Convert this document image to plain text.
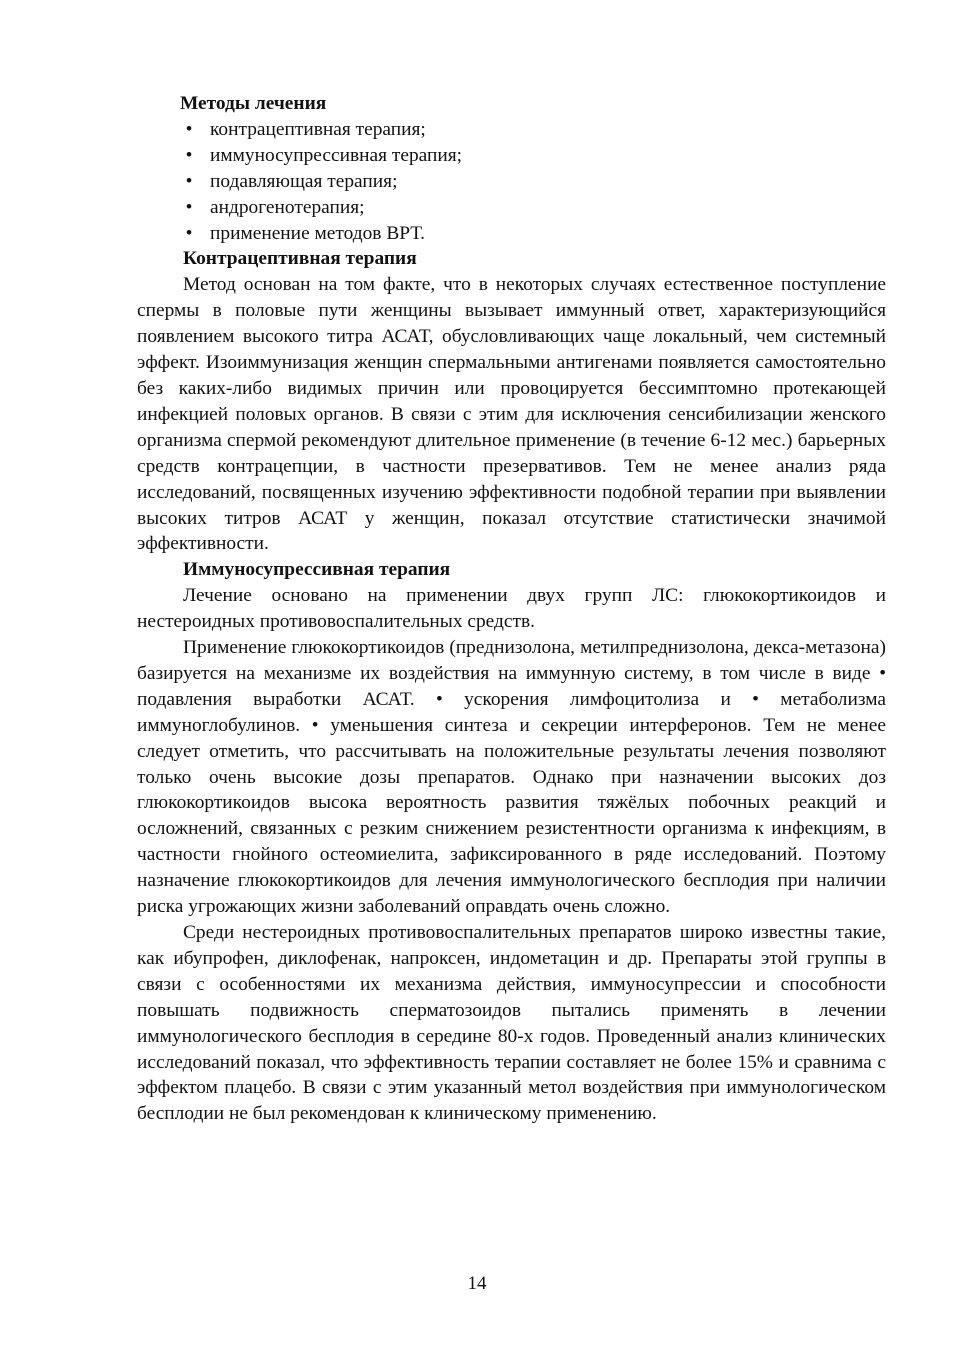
Методы лечения
• контрацептивная терапия;
• иммуносупрессивная терапия;
• подавляющая терапия;
• андрогенотерапия;
• применение методов ВРТ.
Контрацептивная терапия

Метод основан на том факте, что в некоторых случаях естественное поступление спермы в половые пути женщины вызывает иммунный ответ, характеризующийся появлением высокого титра АСАТ, обусловливающих чаще локальный, чем системный эффект. Изоиммунизация женщин спермальными антигенами появляется самостоятельно без каких-либо видимых причин или провоцируется бессимптомно протекающей инфекцией половых органов. В связи с этим для исключения сенсибилизации женского организма спермой рекомендуют длительное применение (в течение 6-12 мес.) барьерных средств контрацепции, в частности презервативов. Тем не менее анализ ряда исследований, посвященных изучению эффективности подобной терапии при выявлении высоких титров АСАТ у женщин, показал отсутствие статистически значимой эффективности.

Иммуносупрессивная терапия

Лечение основано на применении двух групп ЛС: глюкокортикоидов и нестероидных противовоспалительных средств.

Применение глюкокортикоидов (преднизолона, метилпреднизолона, декса-метазона) базируется на механизме их воздействия на иммунную систему, в том числе в виде • подавления выработки АСАТ. • ускорения лимфоцитолиза и • метаболизма иммуноглобулинов. • уменьшения синтеза и секреции интерферонов. Тем не менее следует отметить, что рассчитывать на положительные результаты лечения позволяют только очень высокие дозы препаратов. Однако при назначении высоких доз глюкокортикоидов высока вероятность развития тяжёлых побочных реакций и осложнений, связанных с резким снижением резистентности организма к инфекциям, в частности гнойного остеомиелита, зафиксированного в ряде исследований. Поэтому назначение глюкокортикоидов для лечения иммунологического бесплодия при наличии риска угрожающих жизни заболеваний оправдать очень сложно.

Среди нестероидных противовоспалительных препаратов широко известны такие, как ибупрофен, диклофенак, напроксен, индометацин и др. Препараты этой группы в связи с особенностями их механизма действия, иммуносупрессии и способности повышать подвижность сперматозоидов пытались применять в лечении иммунологического бесплодия в середине 80-х годов. Проведенный анализ клинических исследований показал, что эффективность терапии составляет не более 15% и сравнима с эффектом плацебо. В связи с этим указанный метол воздействия при иммунологическом бесплодии не был рекомендован к клиническому применению.

14
